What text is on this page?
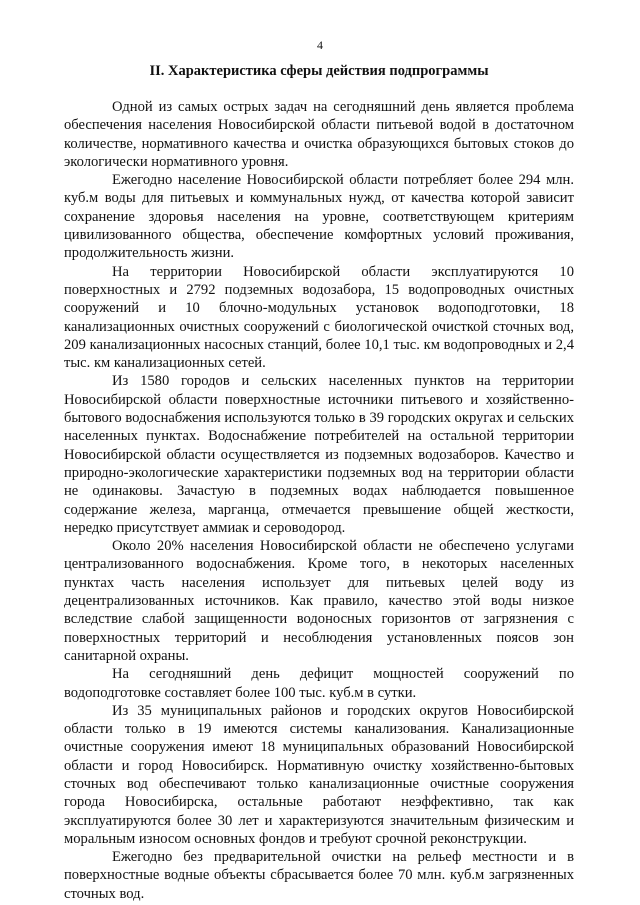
4
II. Характеристика сферы действия подпрограммы

Одной из самых острых задач на сегодняшний день является проблема обеспечения населения Новосибирской области питьевой водой в достаточном количестве, нормативного качества и очистка образующихся бытовых стоков до экологически нормативного уровня.

Ежегодно население Новосибирской области потребляет более 294 млн. куб.м воды для питьевых и коммунальных нужд, от качества которой зависит сохранение здоровья населения на уровне, соответствующем критериям цивилизованного общества, обеспечение комфортных условий проживания, продолжительность жизни.

На территории Новосибирской области эксплуатируются 10 поверхностных и 2792 подземных водозабора, 15 водопроводных очистных сооружений и 10 блочно-модульных установок водоподготовки, 18 канализационных очистных сооружений с биологической очисткой сточных вод, 209 канализационных насосных станций, более 10,1 тыс. км водопроводных и 2,4 тыс. км канализационных сетей.

Из 1580 городов и сельских населенных пунктов на территории Новосибирской области поверхностные источники питьевого и хозяйственно-бытового водоснабжения используются только в 39 городских округах и сельских населенных пунктах. Водоснабжение потребителей на остальной территории Новосибирской области осуществляется из подземных водозаборов. Качество и природно-экологические характеристики подземных вод на территории области не одинаковы. Зачастую в подземных водах наблюдается повышенное содержание железа, марганца, отмечается превышение общей жесткости, нередко присутствует аммиак и сероводород.

Около 20% населения Новосибирской области не обеспечено услугами централизованного водоснабжения. Кроме того, в некоторых населенных пунктах часть населения использует для питьевых целей воду из децентрализованных источников. Как правило, качество этой воды низкое вследствие слабой защищенности водоносных горизонтов от загрязнения с поверхностных территорий и несоблюдения установленных поясов зон санитарной охраны.

На сегодняшний день дефицит мощностей сооружений по водоподготовке составляет более 100 тыс. куб.м в сутки.

Из 35 муниципальных районов и городских округов Новосибирской области только в 19 имеются системы канализования. Канализационные очистные сооружения имеют 18 муниципальных образований Новосибирской области и город Новосибирск. Нормативную очистку хозяйственно-бытовых сточных вод обеспечивают только канализационные очистные сооружения города Новосибирска, остальные работают неэффективно, так как эксплуатируются более 30 лет и характеризуются значительным физическим и моральным износом основных фондов и требуют срочной реконструкции.

Ежегодно без предварительной очистки на рельеф местности и в поверхностные водные объекты сбрасывается более 70 млн. куб.м загрязненных сточных вод.
